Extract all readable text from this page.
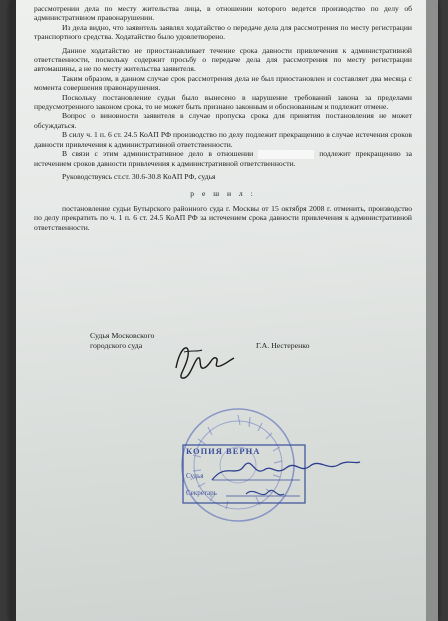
рассмотрении дела по месту жительства лица, в отношении которого ведется производство по делу об административном правонарушении.

Из дела видно, что заявитель заявлял ходатайство о передаче дела для рассмотрения по месту регистрации транспортного средства. Ходатайство было удовлетворено.

Данное ходатайство не приостанавливает течение срока давности привлечения к административной ответственности, поскольку содержит просьбу о передаче дела для рассмотрения по месту регистрации автомашины, а не по месту жительства заявителя.

Таким образом, в данном случае срок рассмотрения дела не был приостановлен и составляет два месяца с момента совершения правонарушения.

Поскольку постановление судьи было вынесено в нарушение требований закона за пределами предусмотренного законом срока, то не может быть признано законным и обоснованным и подлежит отмене.

Вопрос о виновности заявителя в случае пропуска срока для принятия постановления не может обсуждаться.

В силу ч. 1 п. 6 ст. 24.5 КоАП РФ производство по делу подлежит прекращению в случае истечения сроков давности привлечения к административной ответственности.

В связи с этим административное дело в отношении	подлежит прекращению за истечением сроков давности привлечения к административной ответственности.

Руководствуясь ст.ст. 30.6-30.8 КоАП РФ, судья

р е ш и л :

постановление судьи Бутырского районного суда г. Москвы от 15 октября 2008 г. отменить, производство по делу прекратить по ч. 1 п. 6 ст. 24.5 КоАП РФ за истечением срока давности привлечения к административной ответственности.

Судья Московского
городского суда	Г.А. Нестеренко
КОПИЯ ВЕРНА
Судья
Секретарь
